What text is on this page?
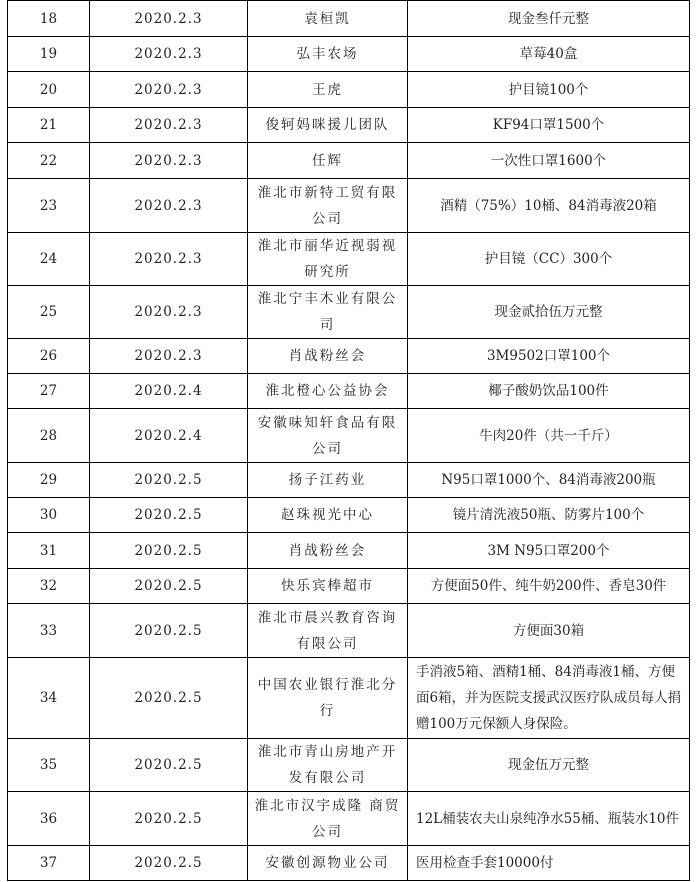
18	2020.2.3	袁桓凯	现金叁仟元整
19	2020.2.3	弘丰农场	草莓40盒
20	2020.2.3	王虎	护目镜100个
21	2020.2.3	俊轲妈咪援儿团队	KF94口罩1500个
22	2020.2.3	任辉	一次性口罩1600个
23	2020.2.3	淮北市新特工贸有限公司	酒精（75%）10桶、84消毒液20箱
24	2020.2.3	淮北市丽华近视弱视研究所	护目镜（CC）300个
25	2020.2.3	淮北宁丰木业有限公司	现金贰拾伍万元整
26	2020.2.3	肖战粉丝会	3M9502口罩100个
27	2020.2.4	淮北橙心公益协会	椰子酸奶饮品100件
28	2020.2.4	安徽味知轩食品有限公司	牛肉20件（共一千斤）
29	2020.2.5	扬子江药业	N95口罩1000个、84消毒液200瓶
30	2020.2.5	赵珠视光中心	镜片清洗液50瓶、防雾片100个
31	2020.2.5	肖战粉丝会	3M N95口罩200个
32	2020.2.5	快乐宾棒超市	方便面50件、纯牛奶200件、香皂30件
33	2020.2.5	淮北市晨兴教育咨询有限公司	方便面30箱
34	2020.2.5	中国农业银行淮北分行	手消液5箱、酒精1桶、84消毒液1桶、方便面6箱，并为医院支援武汉医疗队成员每人捐赠100万元保额人身保险。
35	2020.2.5	淮北市青山房地产开发有限公司	现金伍万元整
36	2020.2.5	淮北市汉宇成隆 商贸公司	12L桶装农夫山泉纯净水55桶、瓶装水10件
37	2020.2.5	安徽创源物业公司	医用检查手套10000付
